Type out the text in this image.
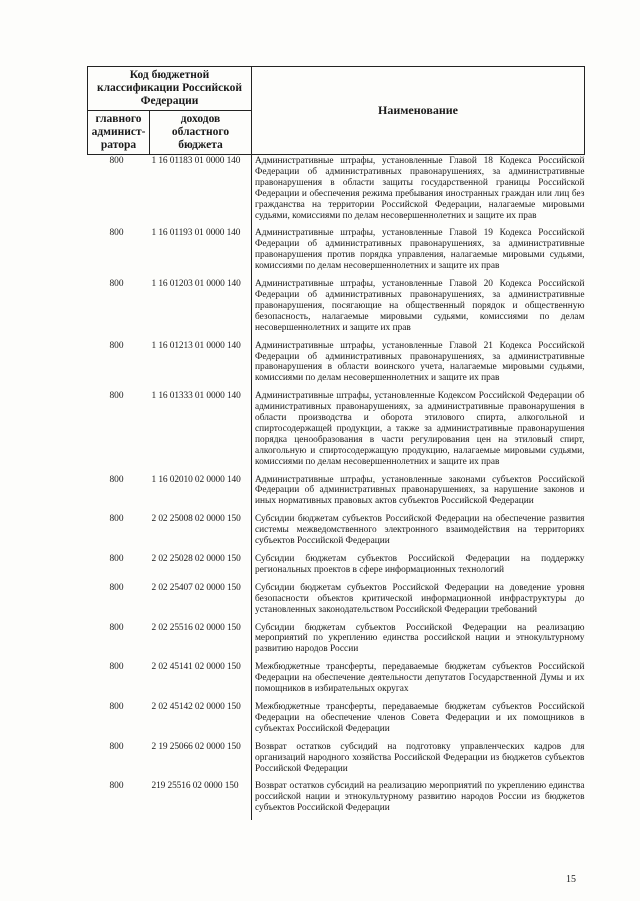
Код бюджетной классификации Российской Федерации		Наименование
главного админист-ратора	доходов областного бюджета	
800	1 16 01183 01 0000 140	Административные штрафы, установленные Главой 18 Кодекса Российской Федерации об административных правонарушениях, за административные правонарушения в области защиты государственной границы Российской Федерации и обеспечения режима пребывания иностранных граждан или лиц без гражданства на территории Российской Федерации, налагаемые мировыми судьями, комиссиями по делам несовершеннолетних и защите их прав
800	1 16 01193 01 0000 140	Административные штрафы, установленные Главой 19 Кодекса Российской Федерации об административных правонарушениях, за административные правонарушения против порядка управления, налагаемые мировыми судьями, комиссиями по делам несовершеннолетних и защите их прав
800	1 16 01203 01 0000 140	Административные штрафы, установленные Главой 20 Кодекса Российской Федерации об административных правонарушениях, за административные правонарушения, посягающие на общественный порядок и общественную безопасность, налагаемые мировыми судьями, комиссиями по делам несовершеннолетних и защите их прав
800	1 16 01213 01 0000 140	Административные штрафы, установленные Главой 21 Кодекса Российской Федерации об административных правонарушениях, за административные правонарушения в области воинского учета, налагаемые мировыми судьями, комиссиями по делам несовершеннолетних и защите их прав
800	1 16 01333 01 0000 140	Административные штрафы, установленные Кодексом Российской Федерации об административных правонарушениях, за административные правонарушения в области производства и оборота этилового спирта, алкогольной и спиртосодержащей продукции, а также за административные правонарушения порядка ценообразования в части регулирования цен на этиловый спирт, алкогольную и спиртосодержащую продукцию, налагаемые мировыми судьями, комиссиями по делам несовершеннолетних и защите их прав
800	1 16 02010 02 0000 140	Административные штрафы, установленные законами субъектов Российской Федерации об административных правонарушениях, за нарушение законов и иных нормативных правовых актов субъектов Российской Федерации
800	2 02 25008 02 0000 150	Субсидии бюджетам субъектов Российской Федерации на обеспечение развития системы межведомственного электронного взаимодействия на территориях субъектов Российской Федерации
800	2 02 25028 02 0000 150	Субсидии бюджетам субъектов Российской Федерации на поддержку региональных проектов в сфере информационных технологий
800	2 02 25407 02 0000 150	Субсидии бюджетам субъектов Российской Федерации на доведение уровня безопасности объектов критической информационной инфраструктуры до установленных законодательством Российской Федерации требований
800	2 02 25516 02 0000 150	Субсидии бюджетам субъектов Российской Федерации на реализацию мероприятий по укреплению единства российской нации и этнокультурному развитию народов России
800	2 02 45141 02 0000 150	Межбюджетные трансферты, передаваемые бюджетам субъектов Российской Федерации на обеспечение деятельности депутатов Государственной Думы и их помощников в избирательных округах
800	2 02 45142 02 0000 150	Межбюджетные трансферты, передаваемые бюджетам субъектов Российской Федерации на обеспечение членов Совета Федерации и их помощников в субъектах Российской Федерации
800	2 19 25066 02 0000 150	Возврат остатков субсидий на подготовку управленческих кадров для организаций народного хозяйства Российской Федерации из бюджетов субъектов Российской Федерации
800	219 25516 02 0000 150	Возврат остатков субсидий на реализацию мероприятий по укреплению единства российской нации и этнокультурному развитию народов России из бюджетов субъектов Российской Федерации
15
